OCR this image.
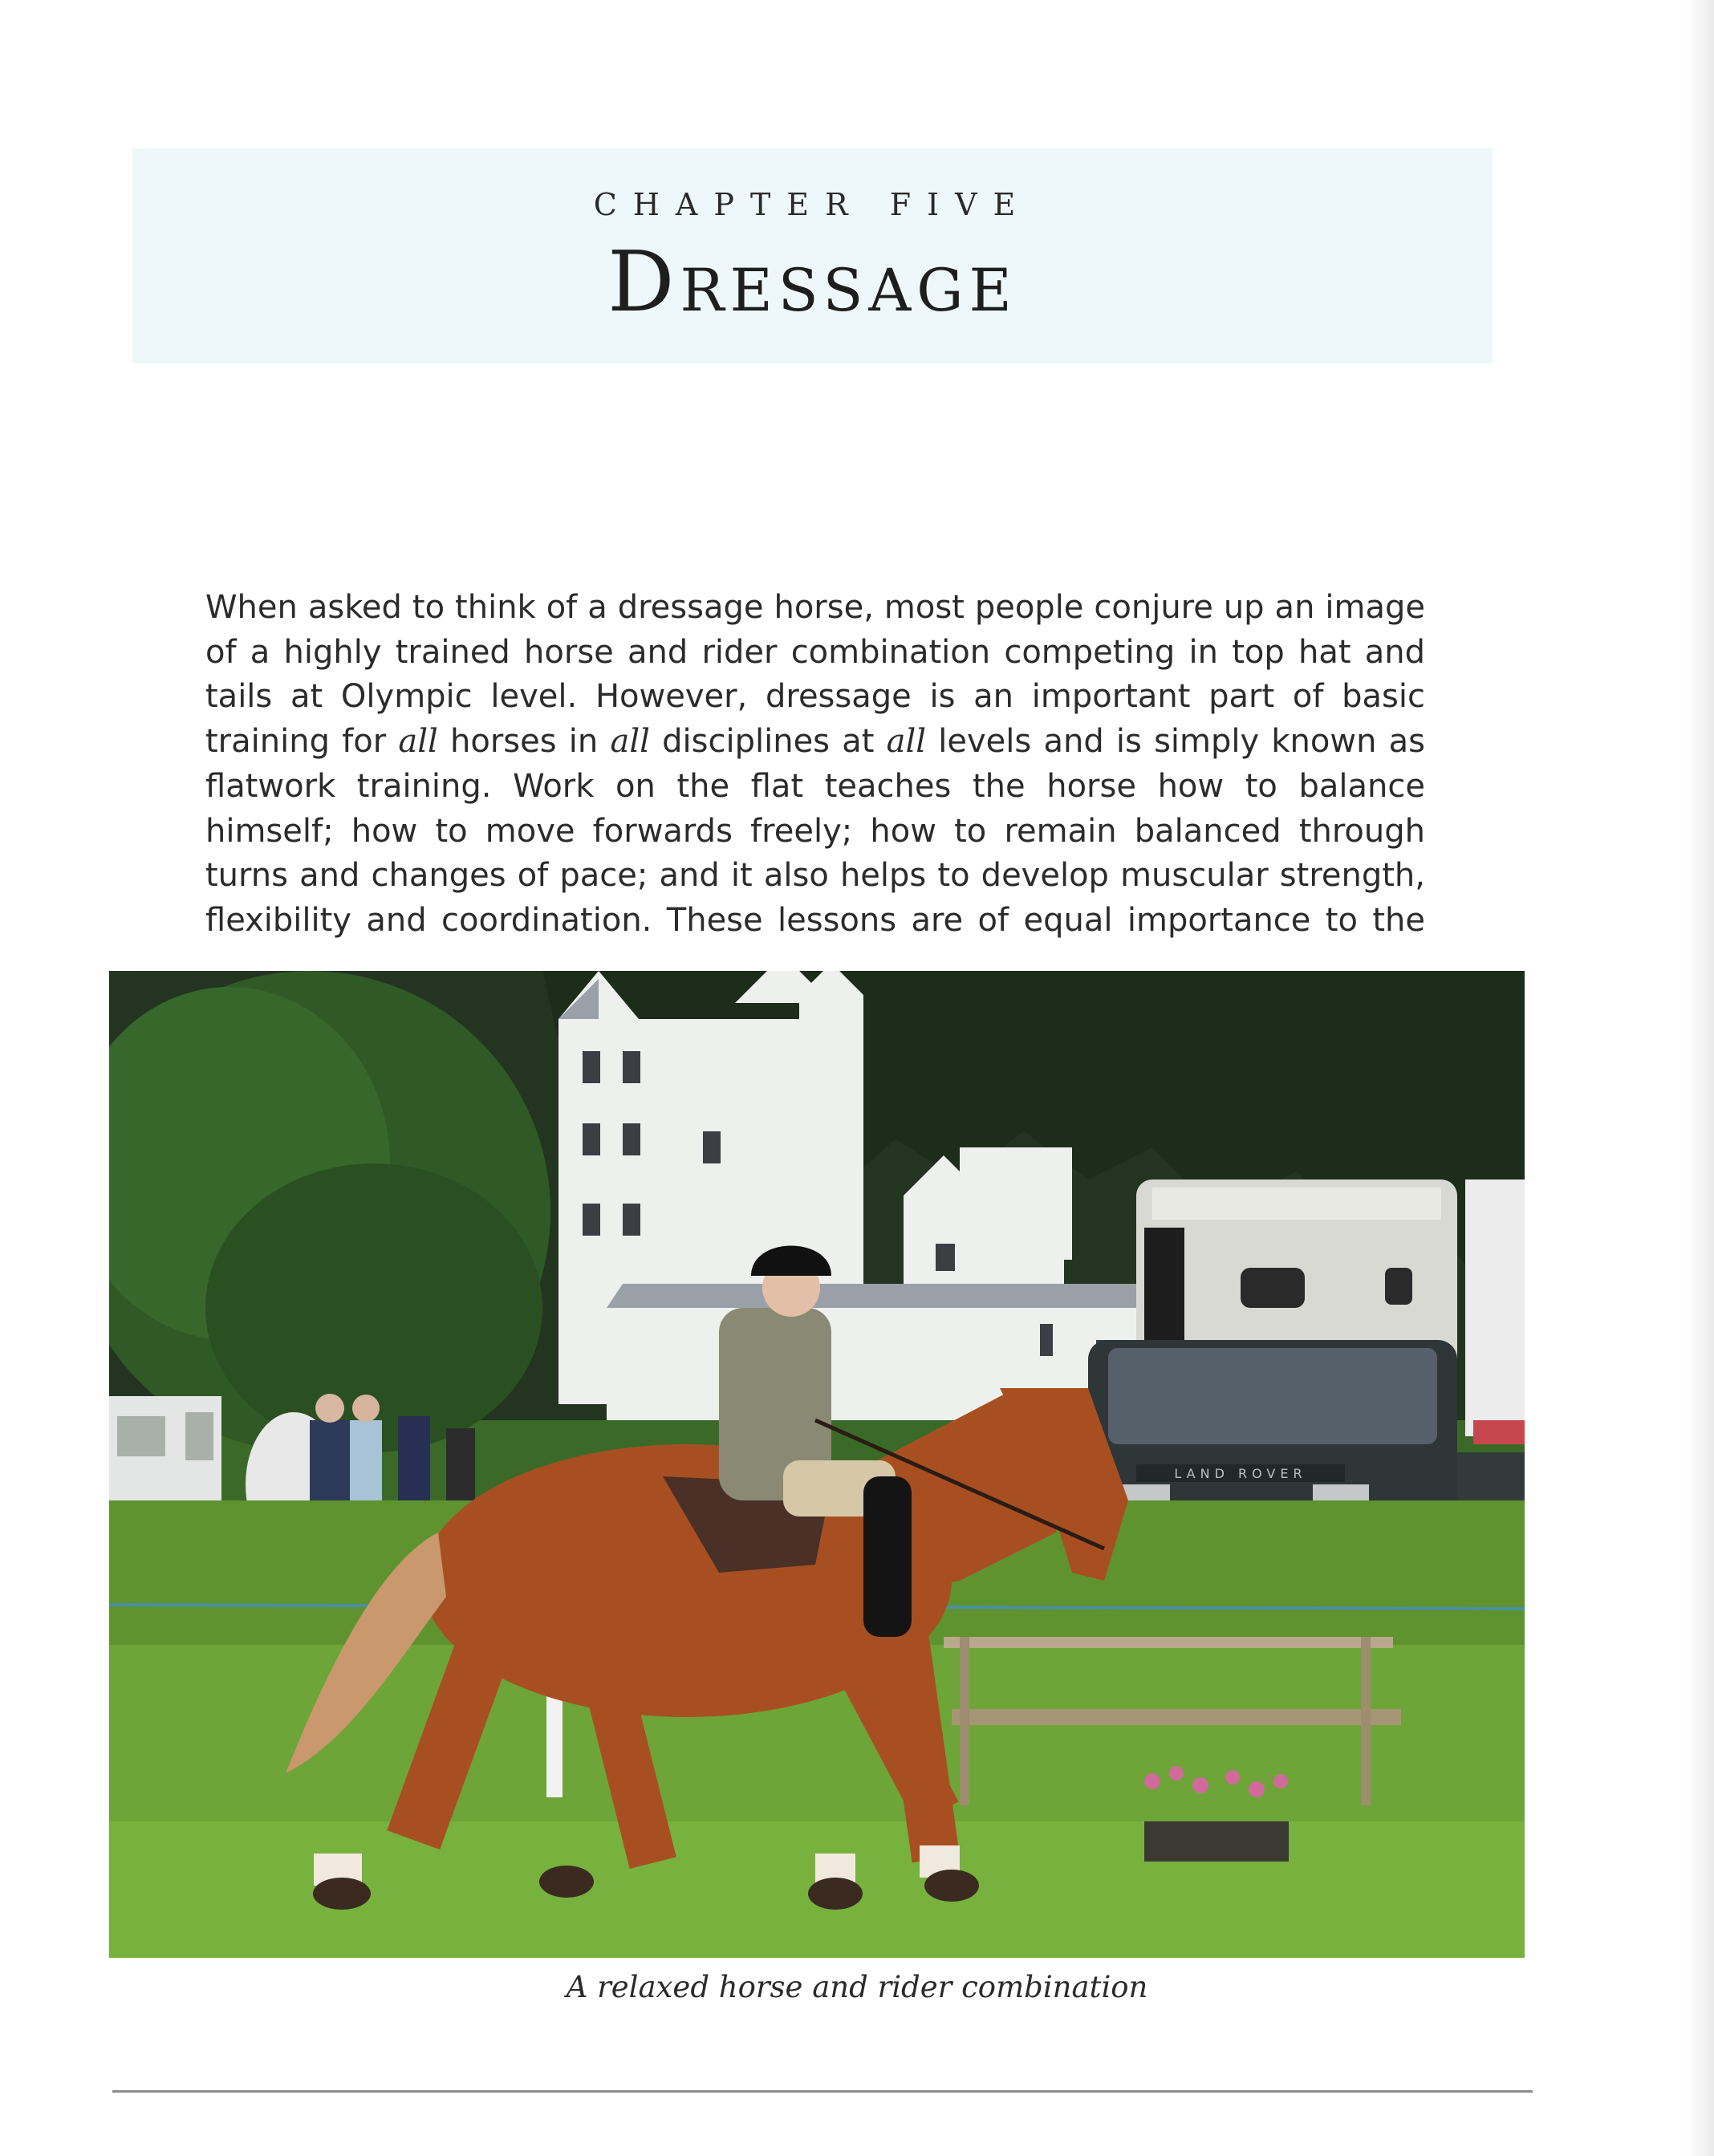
CHAPTER FIVE
Dressage
When asked to think of a dressage horse, most people conjure up an image
of a highly trained horse and rider combination competing in top hat and
tails at Olympic level. However, dressage is an important part of basic
training for all horses in all disciplines at all levels and is simply known as
flatwork training. Work on the flat teaches the horse how to balance
himself; how to move forwards freely; how to remain balanced through
turns and changes of pace; and it also helps to develop muscular strength,
flexibility and coordination. These lessons are of equal importance to the
LAND ROVER
A relaxed horse and rider combination
